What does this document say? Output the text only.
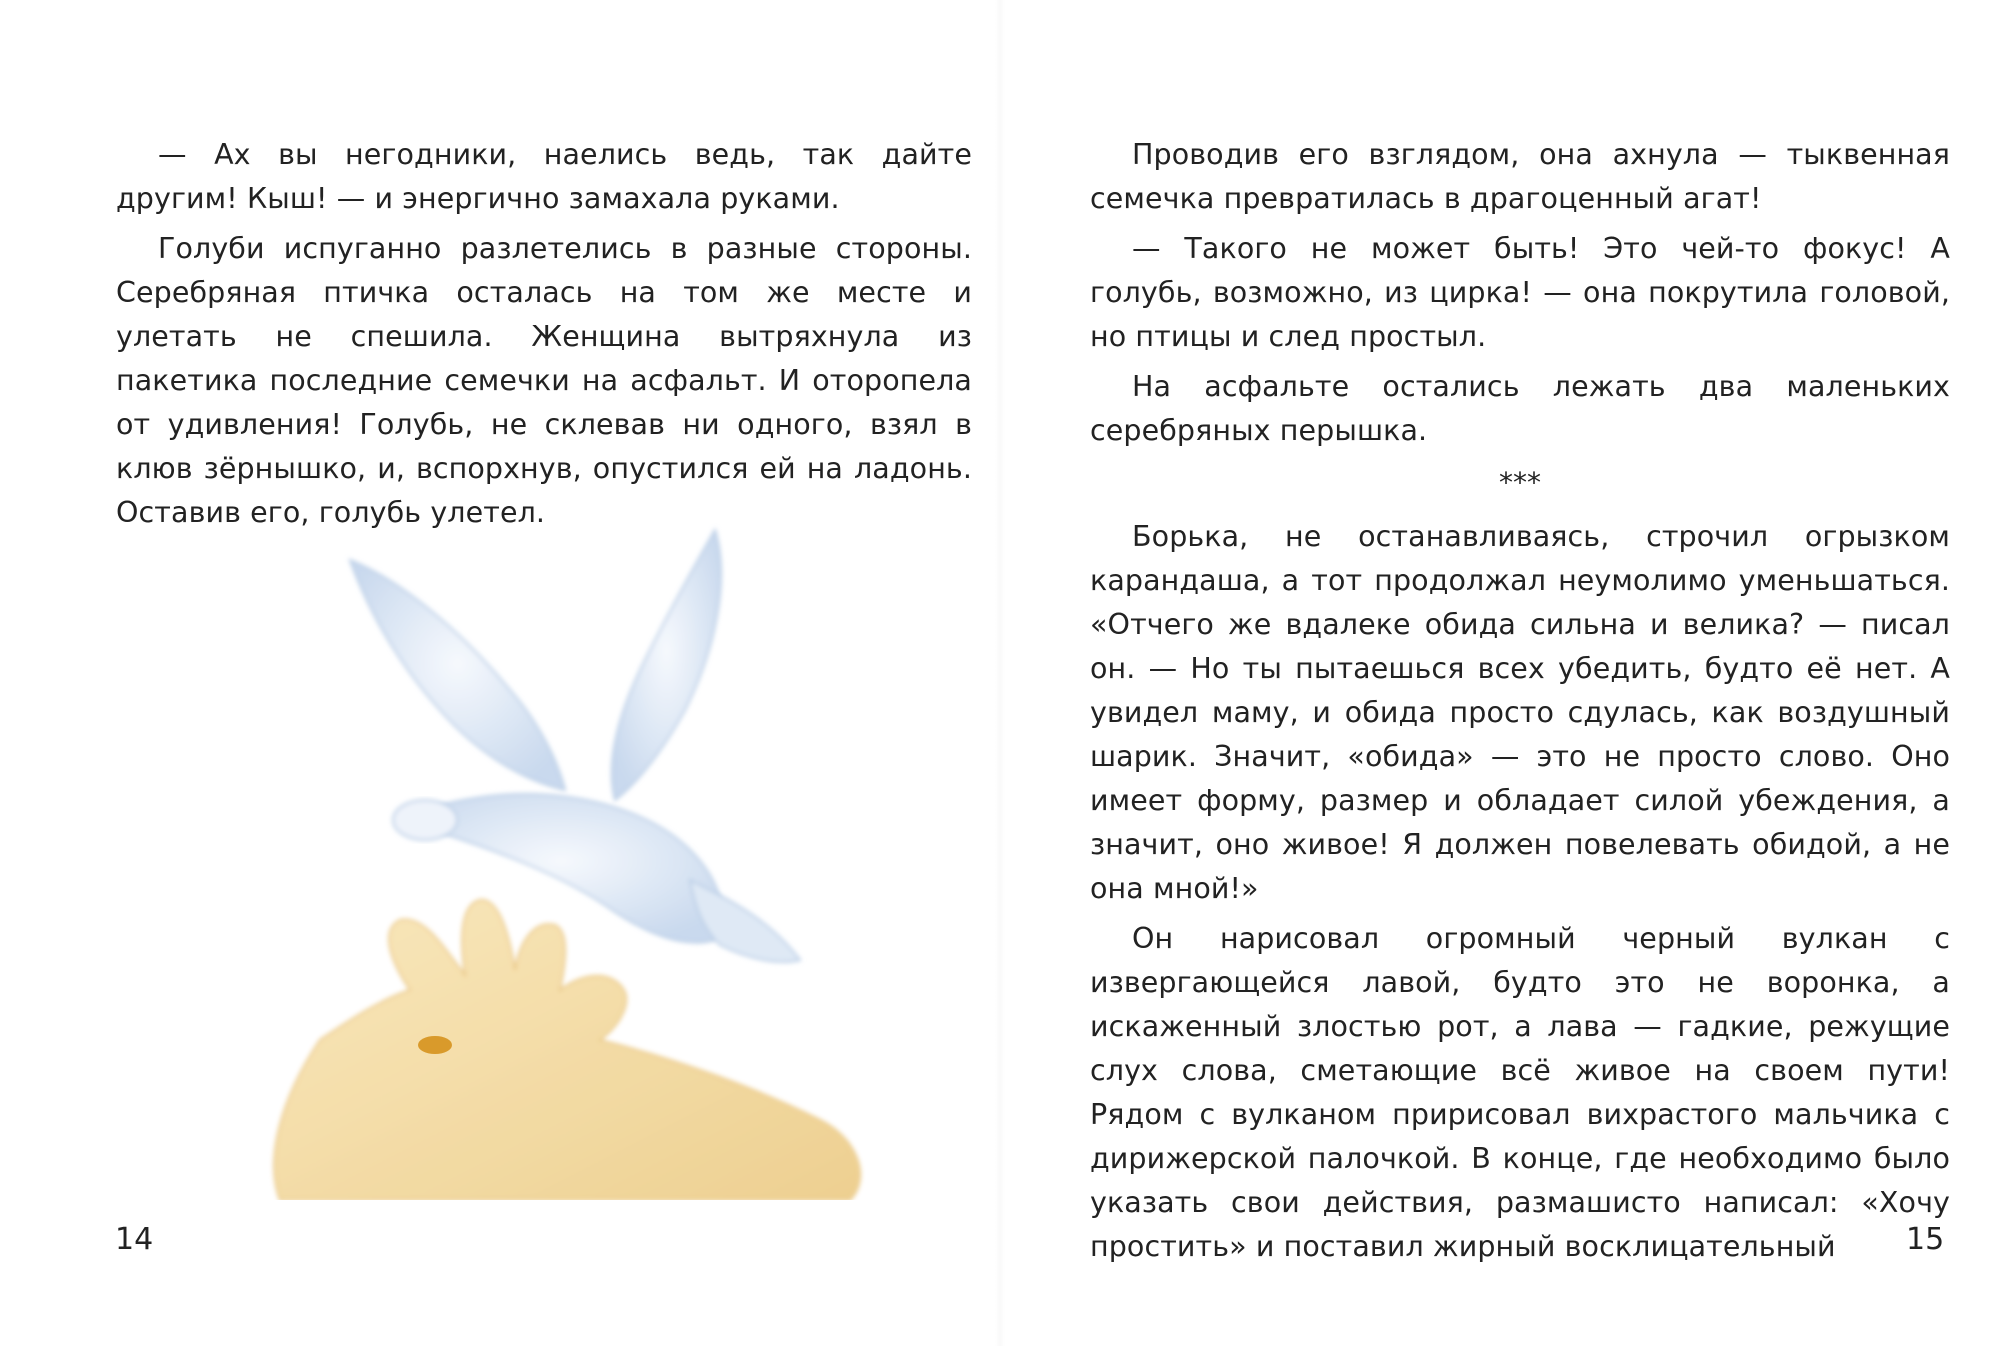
— Ах вы негодники, наелись ведь, так дайте другим! Кыш! — и энергично замахала руками.

Голуби испуганно разлетелись в разные стороны. Серебряная птичка осталась на том же месте и улетать не спешила. Женщина вытряхнула из пакетика последние семечки на асфальт. И оторопела от удивления! Голубь, не склевав ни одного, взял в клюв зёрнышко, и, вспорхнув, опустился ей на ладонь. Оставив его, голубь улетел.

14

Проводив его взглядом, она ахнула — тыквенная семечка превратилась в драгоценный агат!

— Такого не может быть! Это чей-то фокус! А голубь, возможно, из цирка! — она покрутила головой, но птицы и след простыл.

На асфальте остались лежать два маленьких серебряных перышка.

***

Борька, не останавливаясь, строчил огрызком карандаша, а тот продолжал неумолимо уменьшаться. «Отчего же вдалеке обида сильна и велика? — писал он. — Но ты пытаешься всех убедить, будто её нет. А увидел маму, и обида просто сдулась, как воздушный шарик. Значит, «обида» — это не просто слово. Оно имеет форму, размер и обладает силой убеждения, а значит, оно живое! Я должен повелевать обидой, а не она мной!»

Он нарисовал огромный черный вулкан с извергающейся лавой, будто это не воронка, а искаженный злостью рот, а лава — гадкие, режущие слух слова, сметающие всё живое на своем пути! Рядом с вулканом пририсовал вихрастого мальчика с дирижерской палочкой. В конце, где необходимо было указать свои действия, размашисто написал: «Хочу простить» и поставил жирный восклицательный	15
